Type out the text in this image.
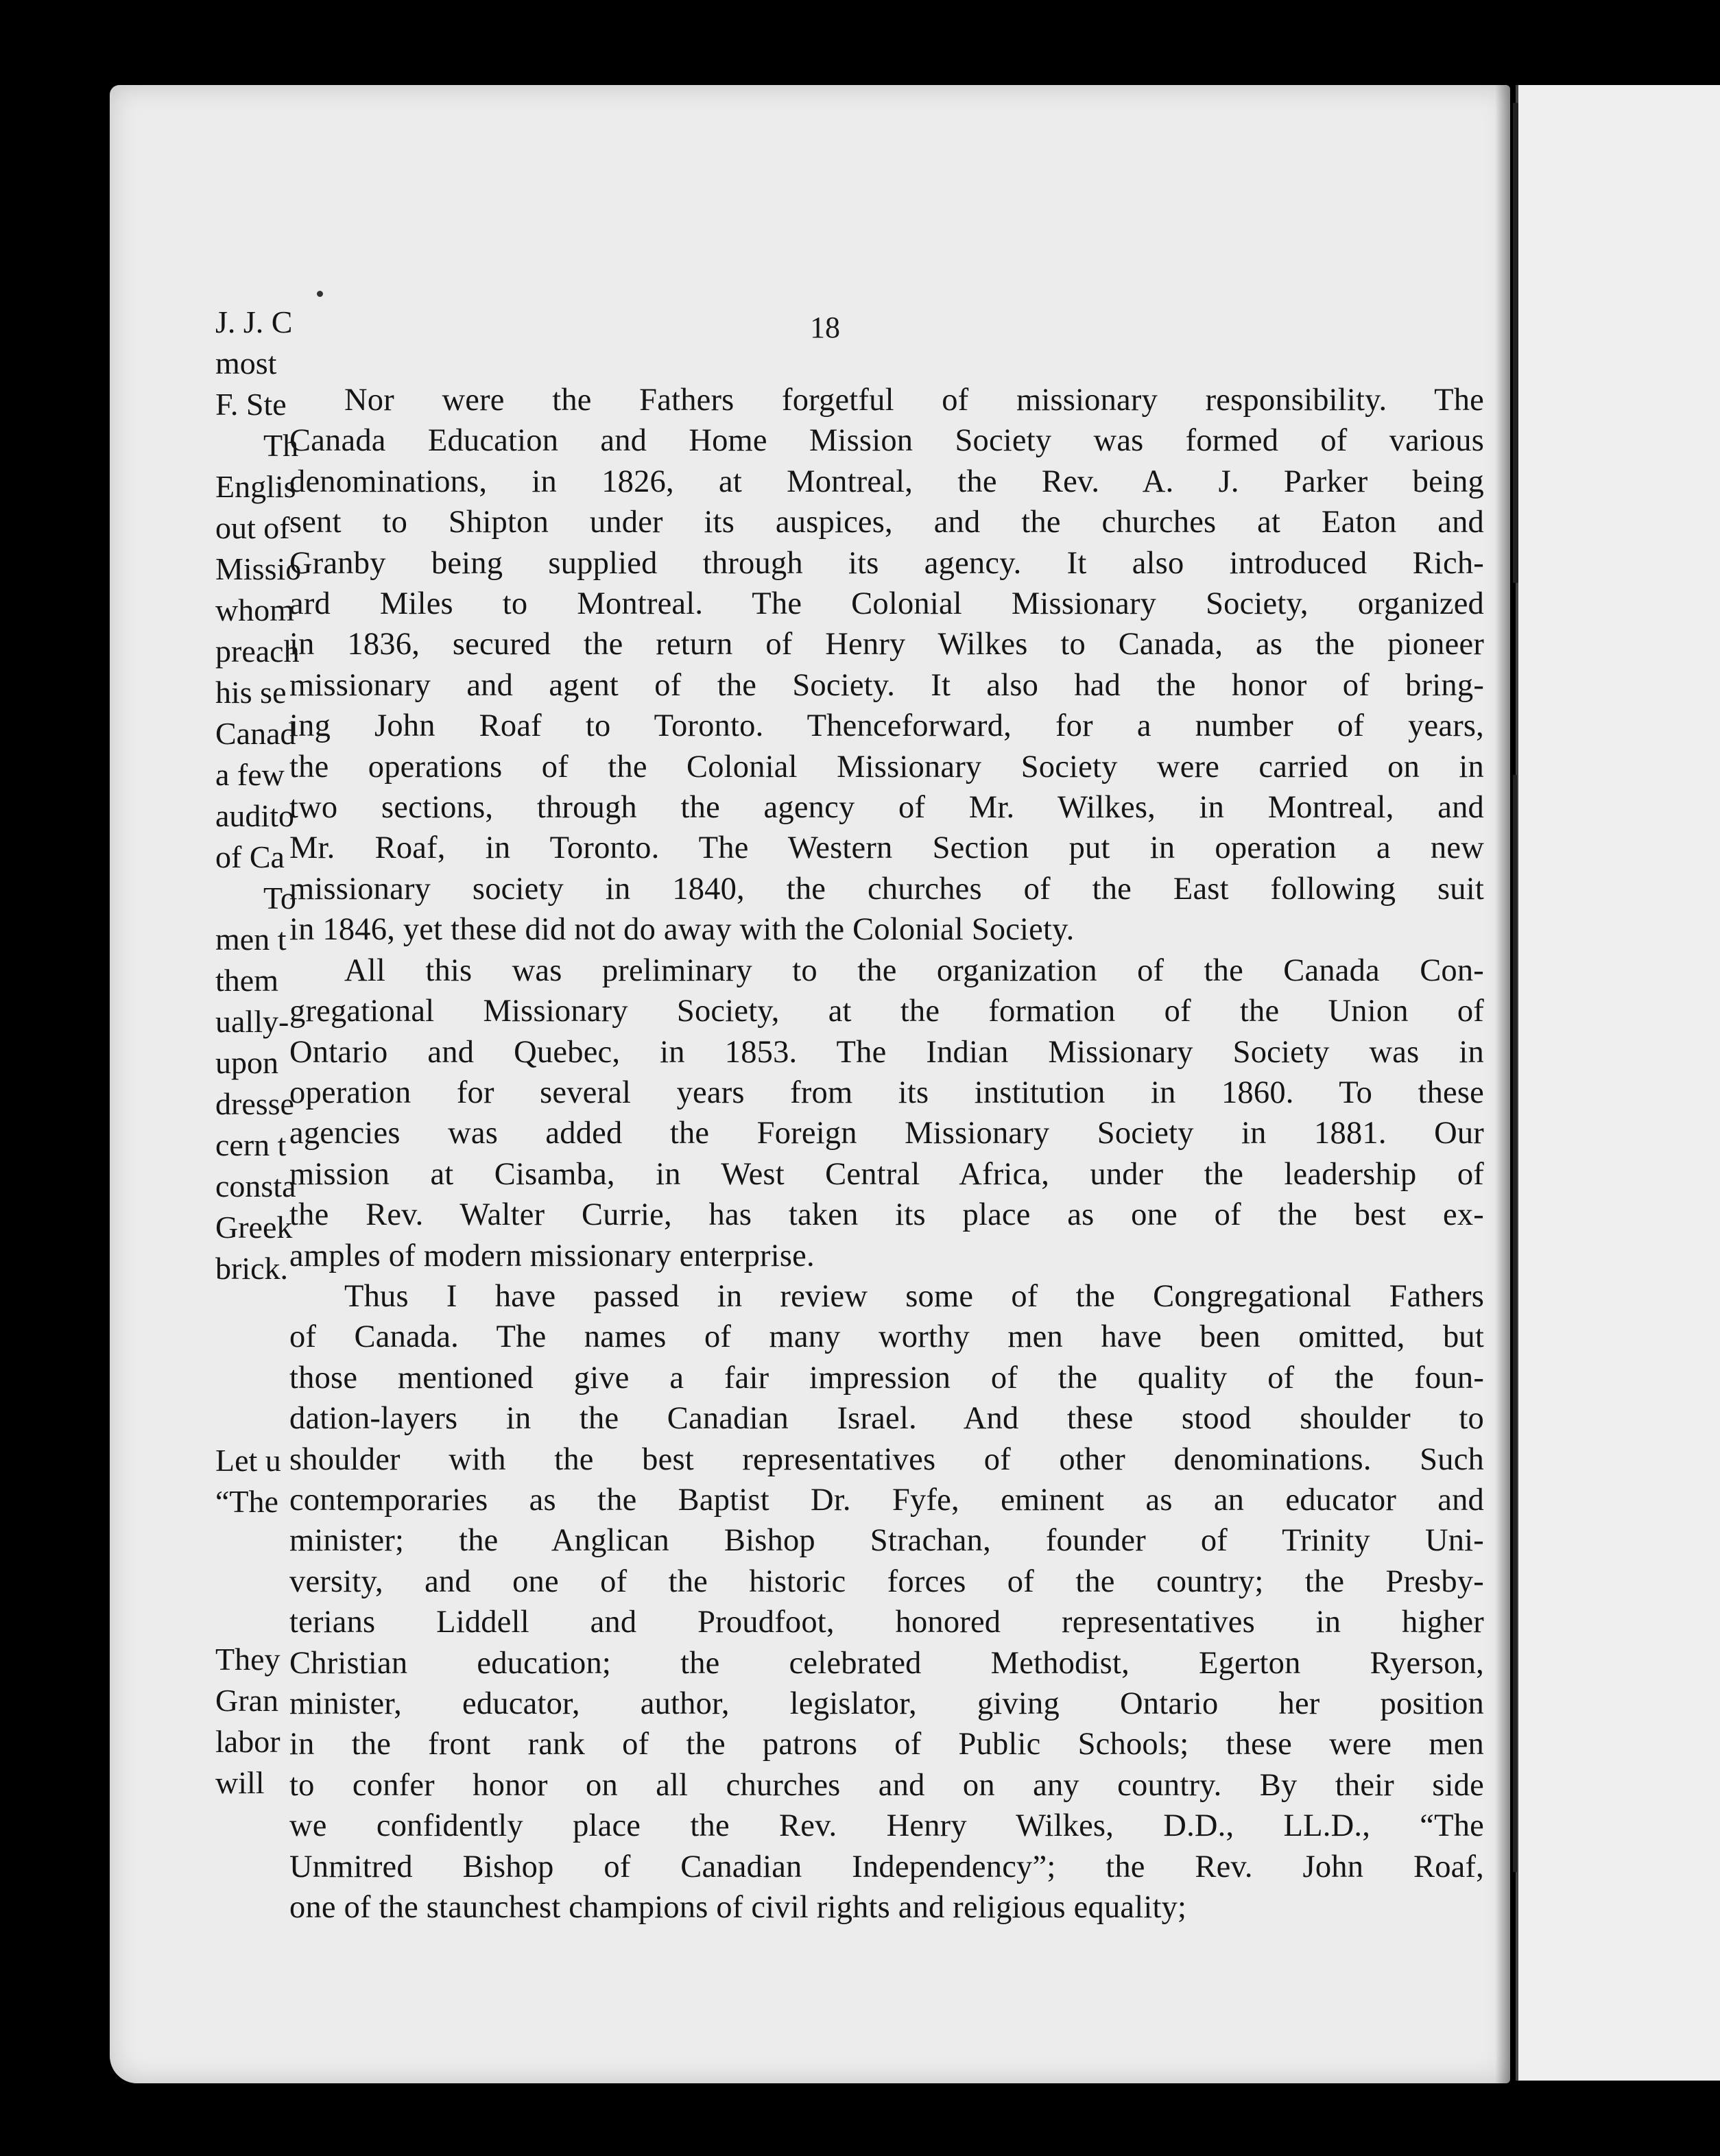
18

Nor were the Fathers forgetful of missionary responsibility. The
Canada Education and Home Mission Society was formed of various
denominations, in 1826, at Montreal, the Rev. A. J. Parker being
sent to Shipton under its auspices, and the churches at Eaton and
Granby being supplied through its agency. It also introduced Rich-
ard Miles to Montreal. The Colonial Missionary Society, organized
in 1836, secured the return of Henry Wilkes to Canada, as the pioneer
missionary and agent of the Society. It also had the honor of bring-
ing John Roaf to Toronto. Thenceforward, for a number of years,
the operations of the Colonial Missionary Society were carried on in
two sections, through the agency of Mr. Wilkes, in Montreal, and
Mr. Roaf, in Toronto. The Western Section put in operation a new
missionary society in 1840, the churches of the East following suit
in 1846, yet these did not do away with the Colonial Society.

All this was preliminary to the organization of the Canada Con-
gregational Missionary Society, at the formation of the Union of
Ontario and Quebec, in 1853. The Indian Missionary Society was in
operation for several years from its institution in 1860. To these
agencies was added the Foreign Missionary Society in 1881. Our
mission at Cisamba, in West Central Africa, under the leadership of
the Rev. Walter Currie, has taken its place as one of the best ex-
amples of modern missionary enterprise.

Thus I have passed in review some of the Congregational Fathers
of Canada. The names of many worthy men have been omitted, but
those mentioned give a fair impression of the quality of the foun-
dation-layers in the Canadian Israel. And these stood shoulder to
shoulder with the best representatives of other denominations. Such
contemporaries as the Baptist Dr. Fyfe, eminent as an educator and
minister; the Anglican Bishop Strachan, founder of Trinity Uni-
versity, and one of the historic forces of the country; the Presby-
terians Liddell and Proudfoot, honored representatives in higher
Christian education; the celebrated Methodist, Egerton Ryerson,
minister, educator, author, legislator, giving Ontario her position
in the front rank of the patrons of Public Schools; these were men
to confer honor on all churches and on any country. By their side
we confidently place the Rev. Henry Wilkes, D.D., LL.D., “The
Unmitred Bishop of Canadian Independency”; the Rev. John Roaf,
one of the staunchest champions of civil rights and religious equality;

J. J. C
most
F. Ste
Th
Englis
out of
Missio
whom
preach
his se
Canad
a few
audito
of Ca
To
men t
them
ually-
upon
dresse
cern t
consta
Greek
brick.
Let u
“The
They
Gran
labor
will
